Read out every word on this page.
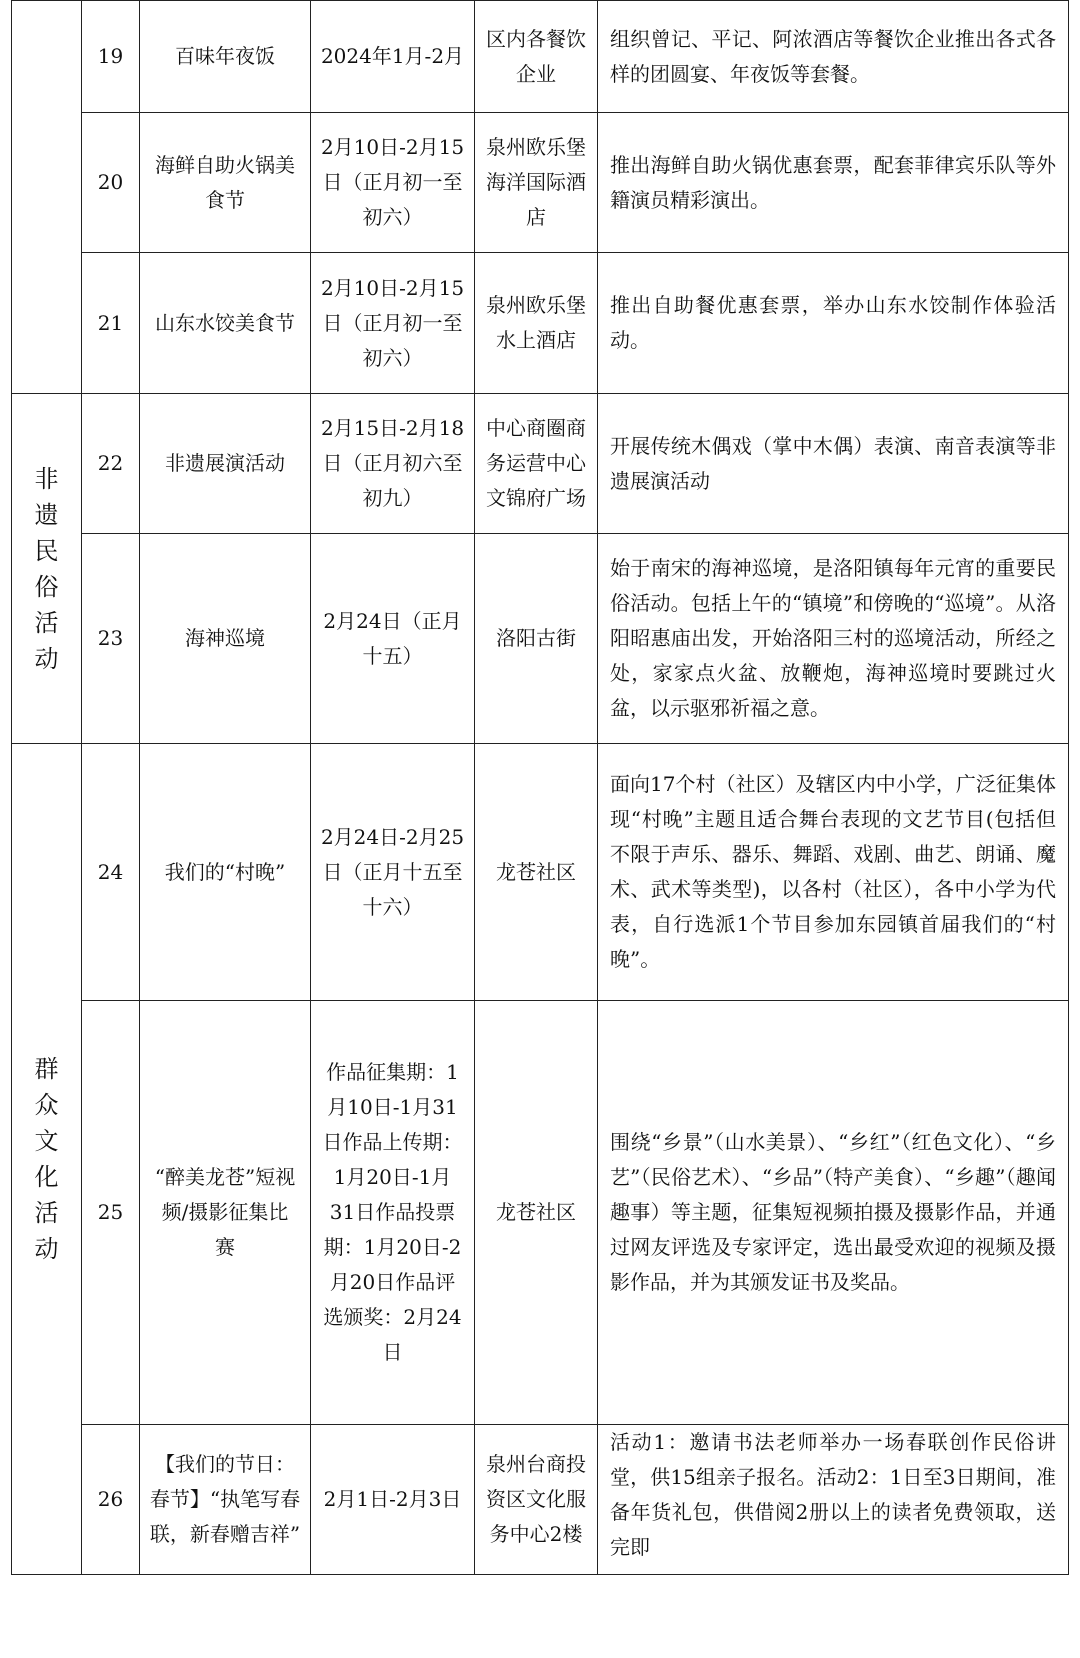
	19	百味年夜饭	2024年1月-2月	区内各餐饮企业	组织曾记、平记、阿浓酒店等餐饮企业推出各式各样的团圆宴、年夜饭等套餐。
	20	海鲜自助火锅美食节	2月10日-2月15日（正月初一至初六）	泉州欧乐堡海洋国际酒店	推出海鲜自助火锅优惠套票，配套菲律宾乐队等外籍演员精彩演出。
	21	山东水饺美食节	2月10日-2月15日（正月初一至初六）	泉州欧乐堡水上酒店	推出自助餐优惠套票，举办山东水饺制作体验活动。

非遗民俗活动	22	非遗展演活动	2月15日-2月18日（正月初六至初九）	中心商圈商务运营中心文锦府广场	开展传统木偶戏（掌中木偶）表演、南音表演等非遗展演活动
	23	海神巡境	2月24日（正月十五）	洛阳古街	始于南宋的海神巡境，是洛阳镇每年元宵的重要民俗活动。包括上午的“镇境”和傍晚的“巡境”。从洛阳昭惠庙出发，开始洛阳三村的巡境活动，所经之处，家家点火盆、放鞭炮，海神巡境时要跳过火盆，以示驱邪祈福之意。

群众文化活动	24	我们的“村晚”	2月24日-2月25日（正月十五至十六）	龙苍社区	面向17个村（社区）及辖区内中小学，广泛征集体现“村晚”主题且适合舞台表现的文艺节目(包括但不限于声乐、器乐、舞蹈、戏剧、曲艺、朗诵、魔术、武术等类型)，以各村（社区），各中小学为代表，自行选派1个节目参加东园镇首届我们的“村晚”。
	25	“醉美龙苍”短视频/摄影征集比赛	作品征集期：1月10日-1月31日作品上传期：1月20日-1月31日作品投票期：1月20日-2月20日作品评选颁奖：2月24日	龙苍社区	围绕“乡景”（山水美景）、“乡红”（红色文化）、“乡艺”（民俗艺术）、“乡品”（特产美食）、“乡趣”（趣闻趣事）等主题，征集短视频拍摄及摄影作品，并通过网友评选及专家评定，选出最受欢迎的视频及摄影作品，并为其颁发证书及奖品。
	26	【我们的节日：春节】“执笔写春联，新春赠吉祥”	2月1日-2月3日	泉州台商投资区文化服务中心2楼	活动1：邀请书法老师举办一场春联创作民俗讲堂，供15组亲子报名。活动2：1日至3日期间，准备年货礼包，供借阅2册以上的读者免费领取，送完即
